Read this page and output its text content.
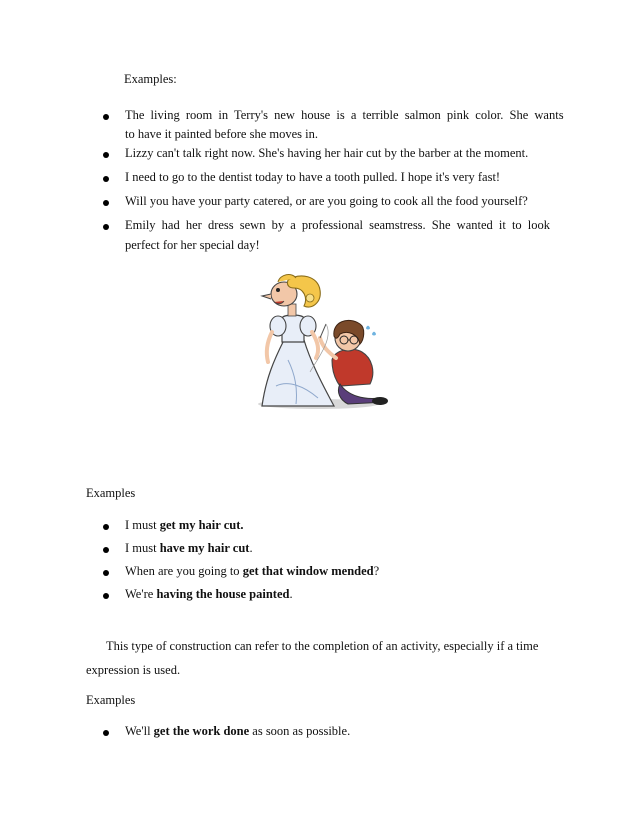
Examples:
The living room in Terry's new house is a terrible salmon pink color. She wants
to have it painted before she moves in.
Lizzy can't talk right now. She's having her hair cut by the barber at the moment.
I need to go to the dentist today to have a tooth pulled. I hope it's very fast!
Will you have your party catered, or are you going to cook all the food yourself?
Emily had her dress sewn by a professional seamstress. She wanted it to look
perfect for her special day!
Examples
I must get my hair cut.
I must have my hair cut.
When are you going to get that window mended?
We're having the house painted.
This type of construction can refer to the completion of an activity, especially if a time
expression is used.
Examples
We'll get the work done as soon as possible.
